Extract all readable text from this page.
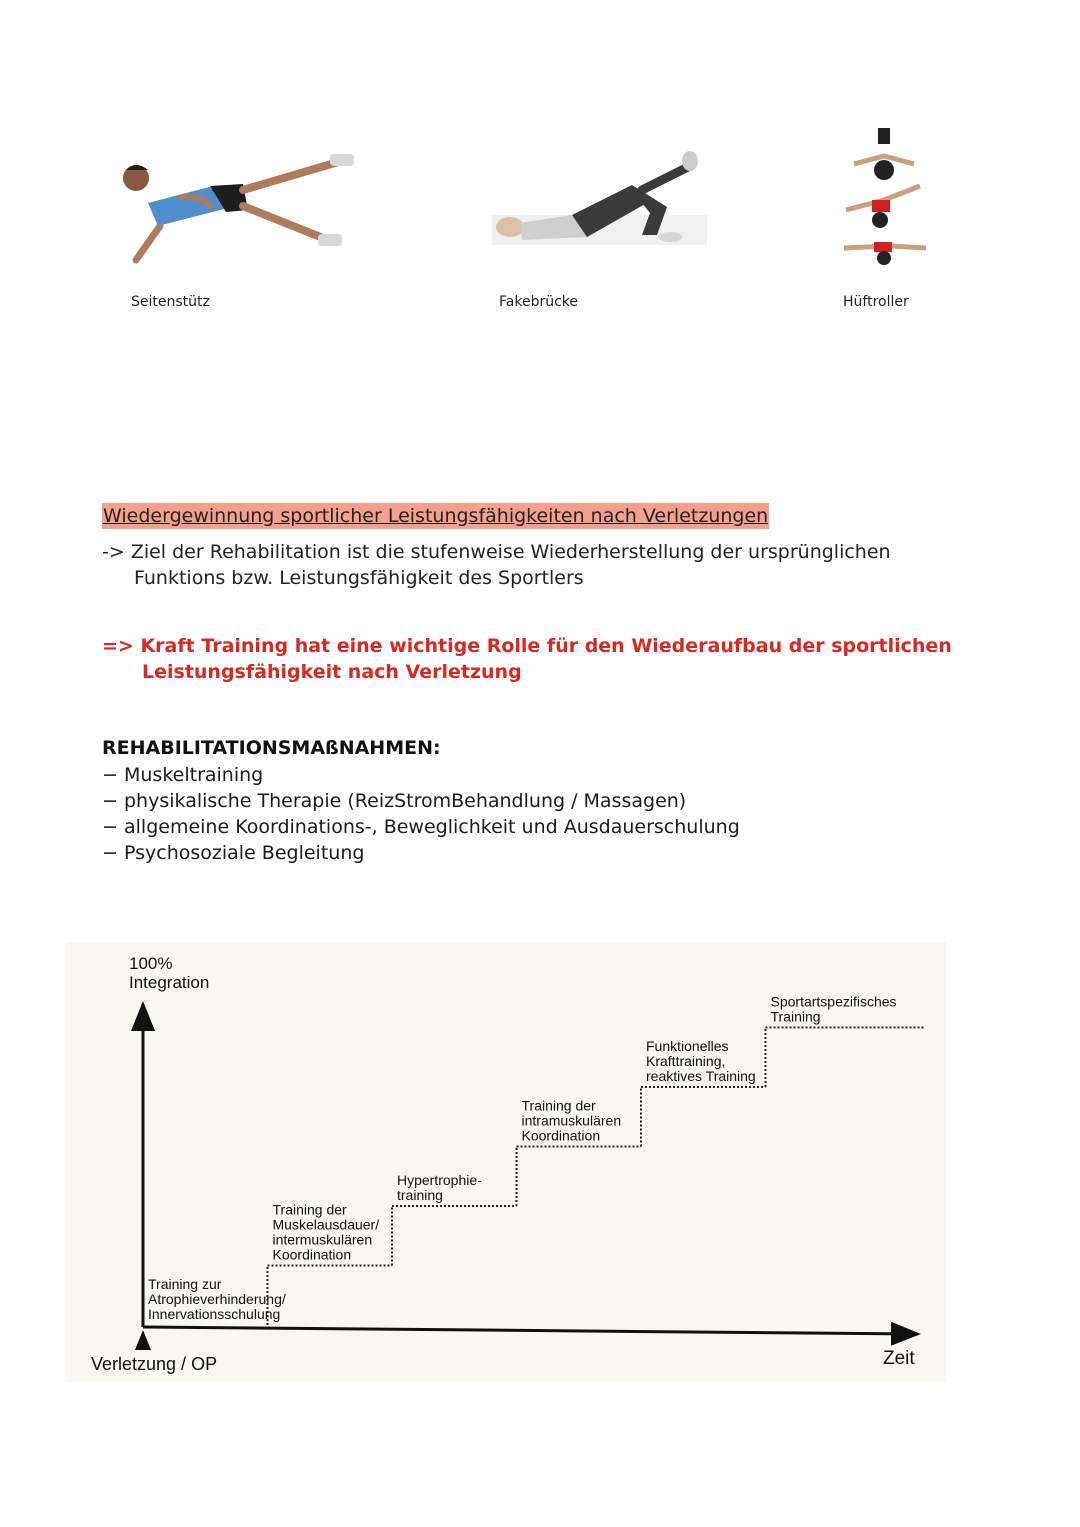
Seitenstütz	Fakebrücke	Hüftroller
Wiedergewinnung sportlicher Leistungsfähigkeiten nach Verletzungen
-> Ziel der Rehabilitation ist die stufenweise Wiederherstellung der ursprünglichen
Funktions bzw. Leistungsfähigkeit des Sportlers
=> Kraft Training hat eine wichtige Rolle für den Wiederaufbau der sportlichen
Leistungsfähigkeit nach Verletzung
REHABILITATIONSMAßNAHMEN:
− Muskeltraining
− physikalische Therapie (ReizStromBehandlung / Massagen)
− allgemeine Koordinations-, Beweglichkeit und Ausdauerschulung
− Psychosoziale Begleitung
100%
Integration
Zeit
Verletzung / OP
Training zur
Atrophieverhinderung/
Innervationsschulung
Training der
Muskelausdauer/
intermuskulären
Koordination
Hypertrophie-
training
Training der
intramuskulären
Koordination
Funktionelles
Krafttraining,
reaktives Training
Sportartspezifisches
Training
